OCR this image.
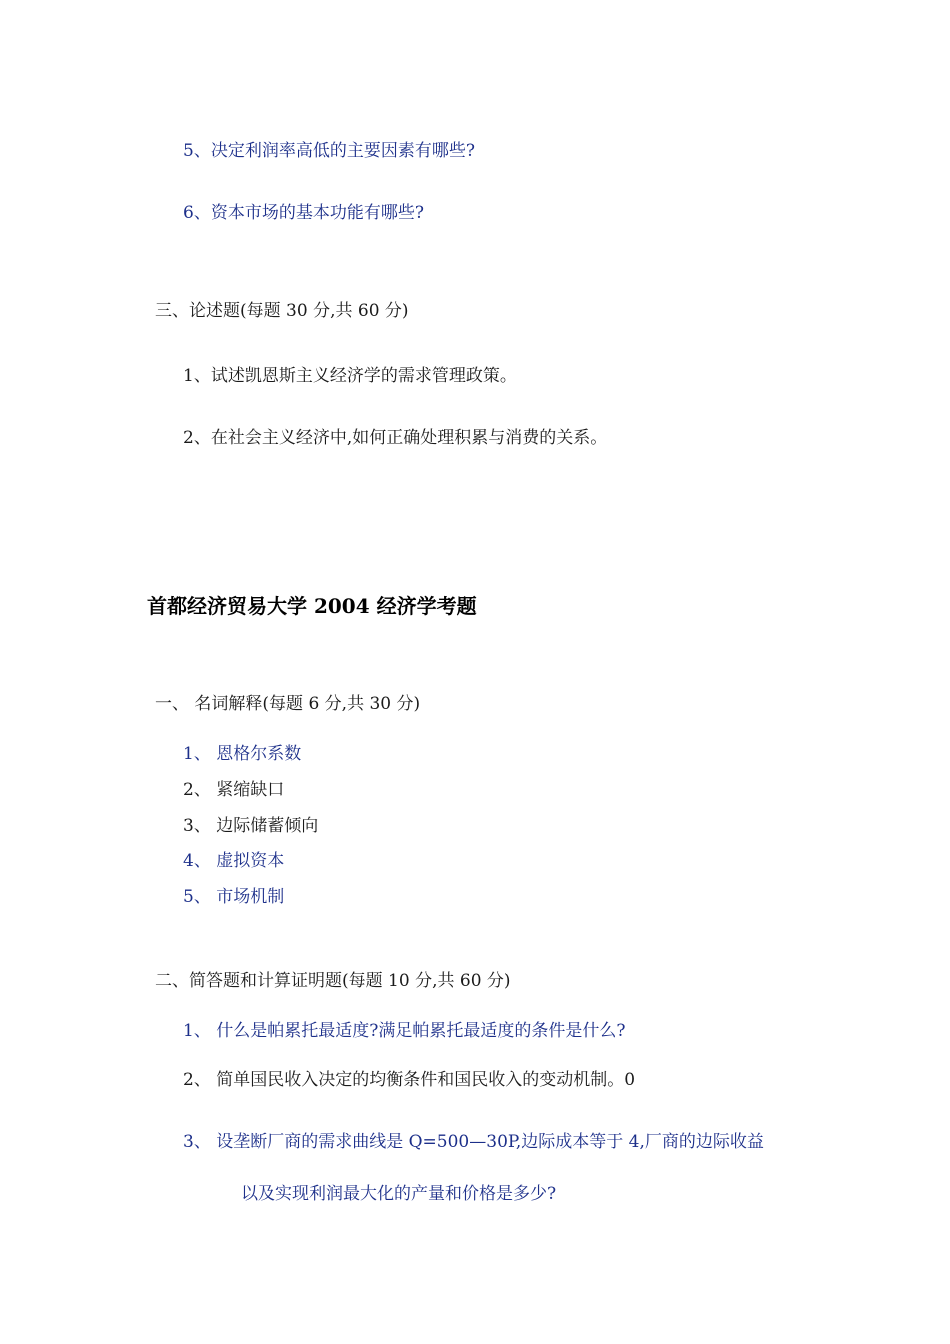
5、决定利润率高低的主要因素有哪些?
6、资本市场的基本功能有哪些?
三、论述题(每题 30 分,共 60 分)
1、试述凯恩斯主义经济学的需求管理政策。
2、在社会主义经济中,如何正确处理积累与消费的关系。
首都经济贸易大学 2004 经济学考题
一、 名词解释(每题 6 分,共 30 分)
1、 恩格尔系数
2、 紧缩缺口
3、 边际储蓄倾向
4、 虚拟资本
5、 市场机制
二、简答题和计算证明题(每题 10 分,共 60 分)
1、 什么是帕累托最适度?满足帕累托最适度的条件是什么?
2、 简单国民收入决定的均衡条件和国民收入的变动机制。0
3、 设垄断厂商的需求曲线是 Q=500—30P,边际成本等于 4,厂商的边际收益
以及实现利润最大化的产量和价格是多少?
